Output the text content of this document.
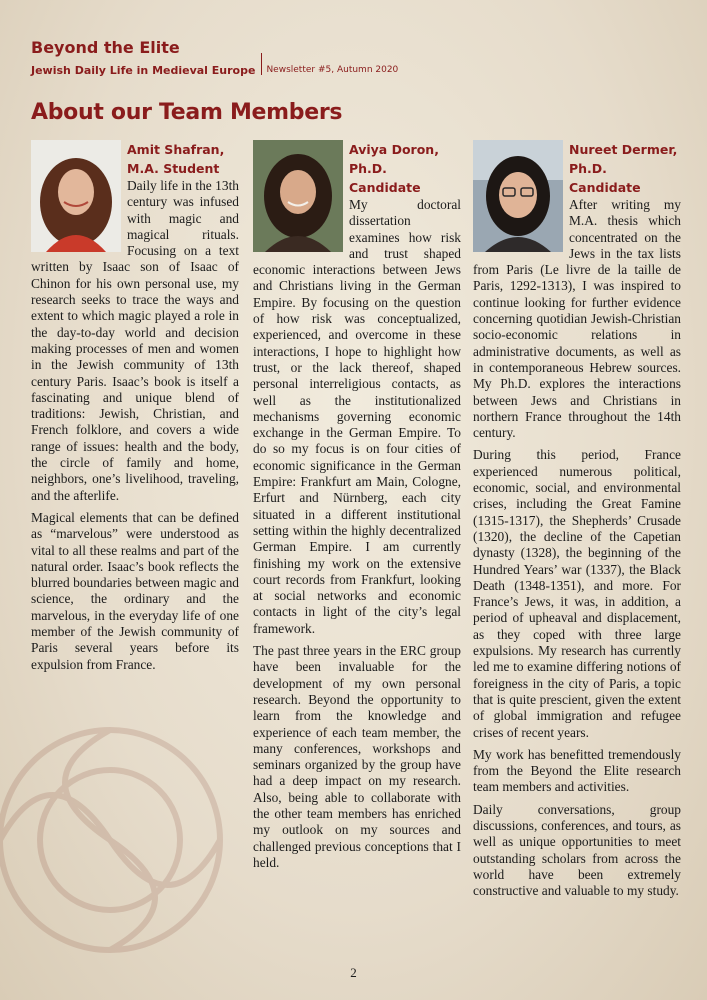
Beyond the Elite
Jewish Daily Life in Medieval Europe Newsletter #5, Autumn 2020
About our Team Members
Amit Shafran,
M.A. Student

Daily life in the 13th century was infused with magic and magical rituals. Focusing on a text written by Isaac son of Isaac of Chinon for his own personal use, my research seeks to trace the ways and extent to which magic played a role in the day-to-day world and decision making processes of men and women in the Jewish community of 13th century Paris. Isaac’s book is itself a fascinating and unique blend of traditions: Jewish, Christian, and French folklore, and covers a wide range of issues: health and the body, the circle of family and home, neighbors, one’s livelihood, traveling, and the afterlife.

Magical elements that can be defined as “marvelous” were understood as vital to all these realms and part of the natural order. Isaac’s book reflects the blurred boundaries between magic and science, the ordinary and the marvelous, in the everyday life of one member of the Jewish community of Paris several years before its expulsion from France.

Aviya Doron,
Ph.D. Candidate

My doctoral dissertation examines how risk and trust shaped economic interactions between Jews and Christians living in the German Empire. By focusing on the question of how risk was conceptualized, experienced, and overcome in these interactions, I hope to highlight how trust, or the lack thereof, shaped personal interreligious contacts, as well as the institutionalized mechanisms governing economic exchange in the German Empire. To do so my focus is on four cities of economic significance in the German Empire: Frankfurt am Main, Cologne, Erfurt and Nürnberg, each city situated in a different institutional setting within the highly decentralized German Empire. I am currently finishing my work on the extensive court records from Frankfurt, looking at social networks and economic contacts in light of the city’s legal framework.

The past three years in the ERC group have been invaluable for the development of my own personal research. Beyond the opportunity to learn from the knowledge and experience of each team member, the many conferences, workshops and seminars organized by the group have had a deep impact on my research. Also, being able to collaborate with the other team members has enriched my outlook on my sources and challenged previous conceptions that I held.

Nureet Dermer,
Ph.D. Candidate

After writing my M.A. thesis which concentrated on the Jews in the tax lists from Paris (Le livre de la taille de Paris, 1292-1313), I was inspired to continue looking for further evidence concerning quotidian Jewish-Christian socio-economic relations in administrative documents, as well as in contemporaneous Hebrew sources. My Ph.D. explores the interactions between Jews and Christians in northern France throughout the 14th century.

During this period, France experienced numerous political, economic, social, and environmental crises, including the Great Famine (1315-1317), the Shepherds’ Crusade (1320), the decline of the Capetian dynasty (1328), the beginning of the Hundred Years’ war (1337), the Black Death (1348-1351), and more. For France’s Jews, it was, in addition, a period of upheaval and displacement, as they coped with three large expulsions. My research has currently led me to examine differing notions of foreigness in the city of Paris, a topic that is quite prescient, given the extent of global immigration and refugee crises of recent years.

My work has benefitted tremendously from the Beyond the Elite research team members and activities.

Daily conversations, group discussions, conferences, and tours, as well as unique opportunities to meet outstanding scholars from across the world have been extremely constructive and valuable to my study.

2
